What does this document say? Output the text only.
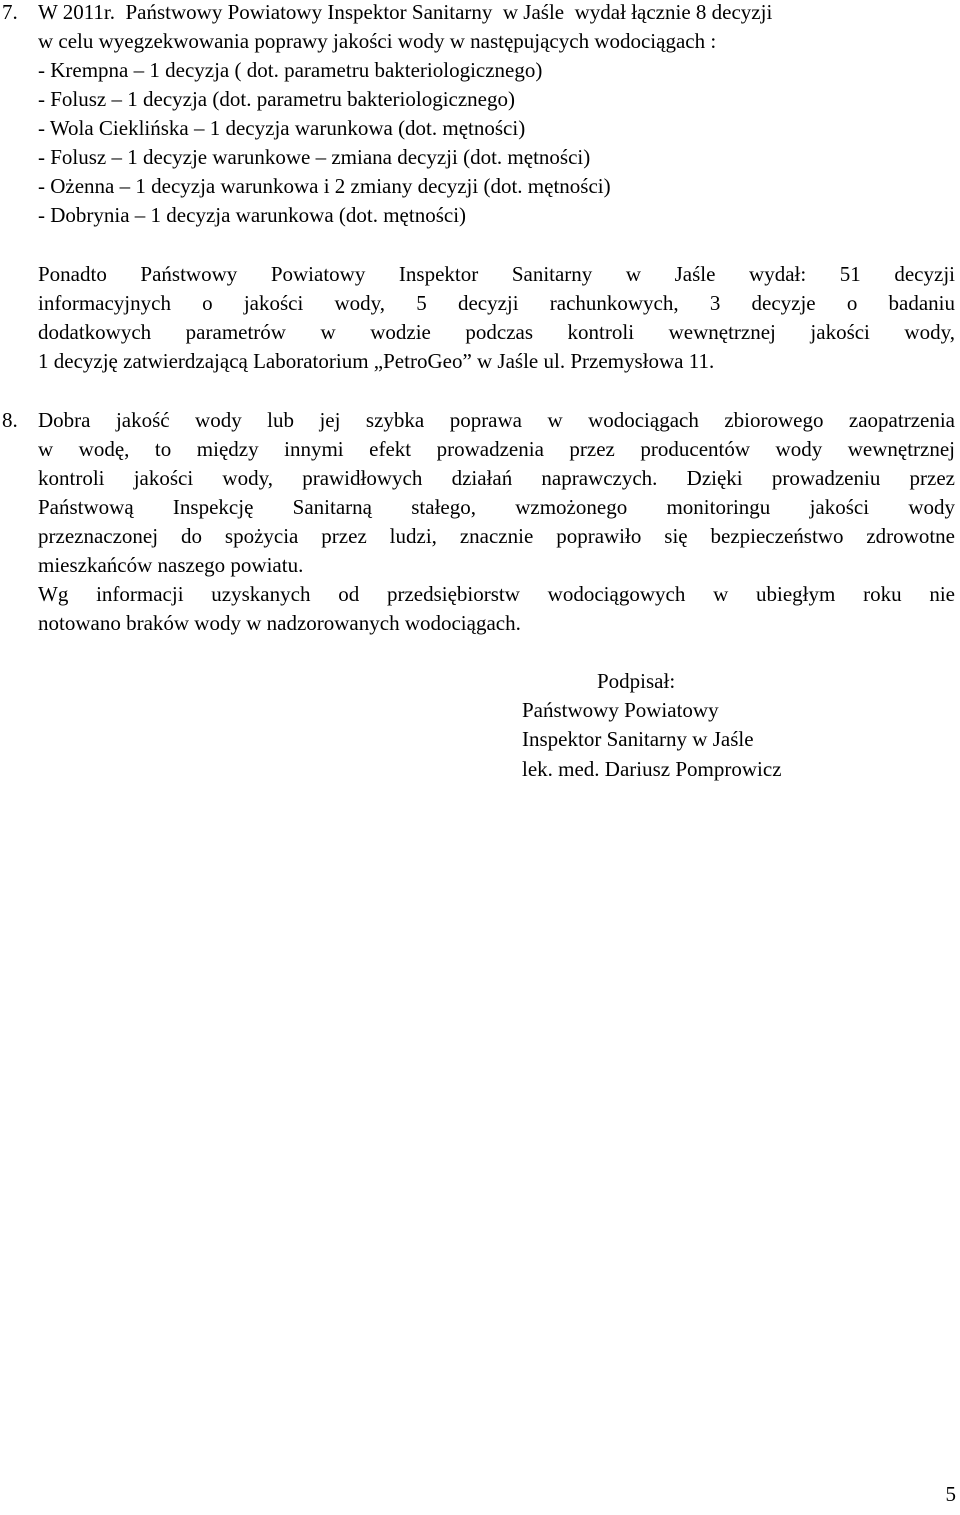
7. W 2011r.  Państwowy Powiatowy Inspektor Sanitarny  w Jaśle  wydał łącznie 8 decyzji
w celu wyegzekwowania poprawy jakości wody w następujących wodociągach :
- Krempna – 1 decyzja ( dot. parametru bakteriologicznego)
- Folusz – 1 decyzja (dot. parametru bakteriologicznego)
- Wola Cieklińska – 1 decyzja warunkowa (dot. mętności)
- Folusz – 1 decyzje warunkowe – zmiana decyzji (dot. mętności)
- Ożenna – 1 decyzja warunkowa i 2 zmiany decyzji (dot. mętności)
- Dobrynia – 1 decyzja warunkowa (dot. mętności)
Ponadto Państwowy Powiatowy Inspektor Sanitarny w Jaśle wydał: 51 decyzji
informacyjnych o jakości wody, 5 decyzji rachunkowych, 3 decyzje o badaniu
dodatkowych parametrów w wodzie podczas kontroli wewnętrznej jakości wody,
1 decyzję zatwierdzającą Laboratorium „PetroGeo” w Jaśle ul. Przemysłowa 11.
8. Dobra jakość wody lub jej szybka poprawa w wodociągach zbiorowego zaopatrzenia
w wodę, to między innymi efekt prowadzenia przez producentów wody wewnętrznej
kontroli jakości wody, prawidłowych działań naprawczych. Dzięki prowadzeniu przez
Państwową Inspekcję Sanitarną stałego, wzmożonego monitoringu jakości wody
przeznaczonej do spożycia przez ludzi, znacznie poprawiło się bezpieczeństwo zdrowotne
mieszkańców naszego powiatu.
Wg informacji uzyskanych od przedsiębiorstw wodociągowych w ubiegłym roku nie
notowano braków wody w nadzorowanych wodociągach.
Podpisał:
Państwowy Powiatowy
Inspektor Sanitarny w Jaśle
lek. med. Dariusz Pomprowicz
5
